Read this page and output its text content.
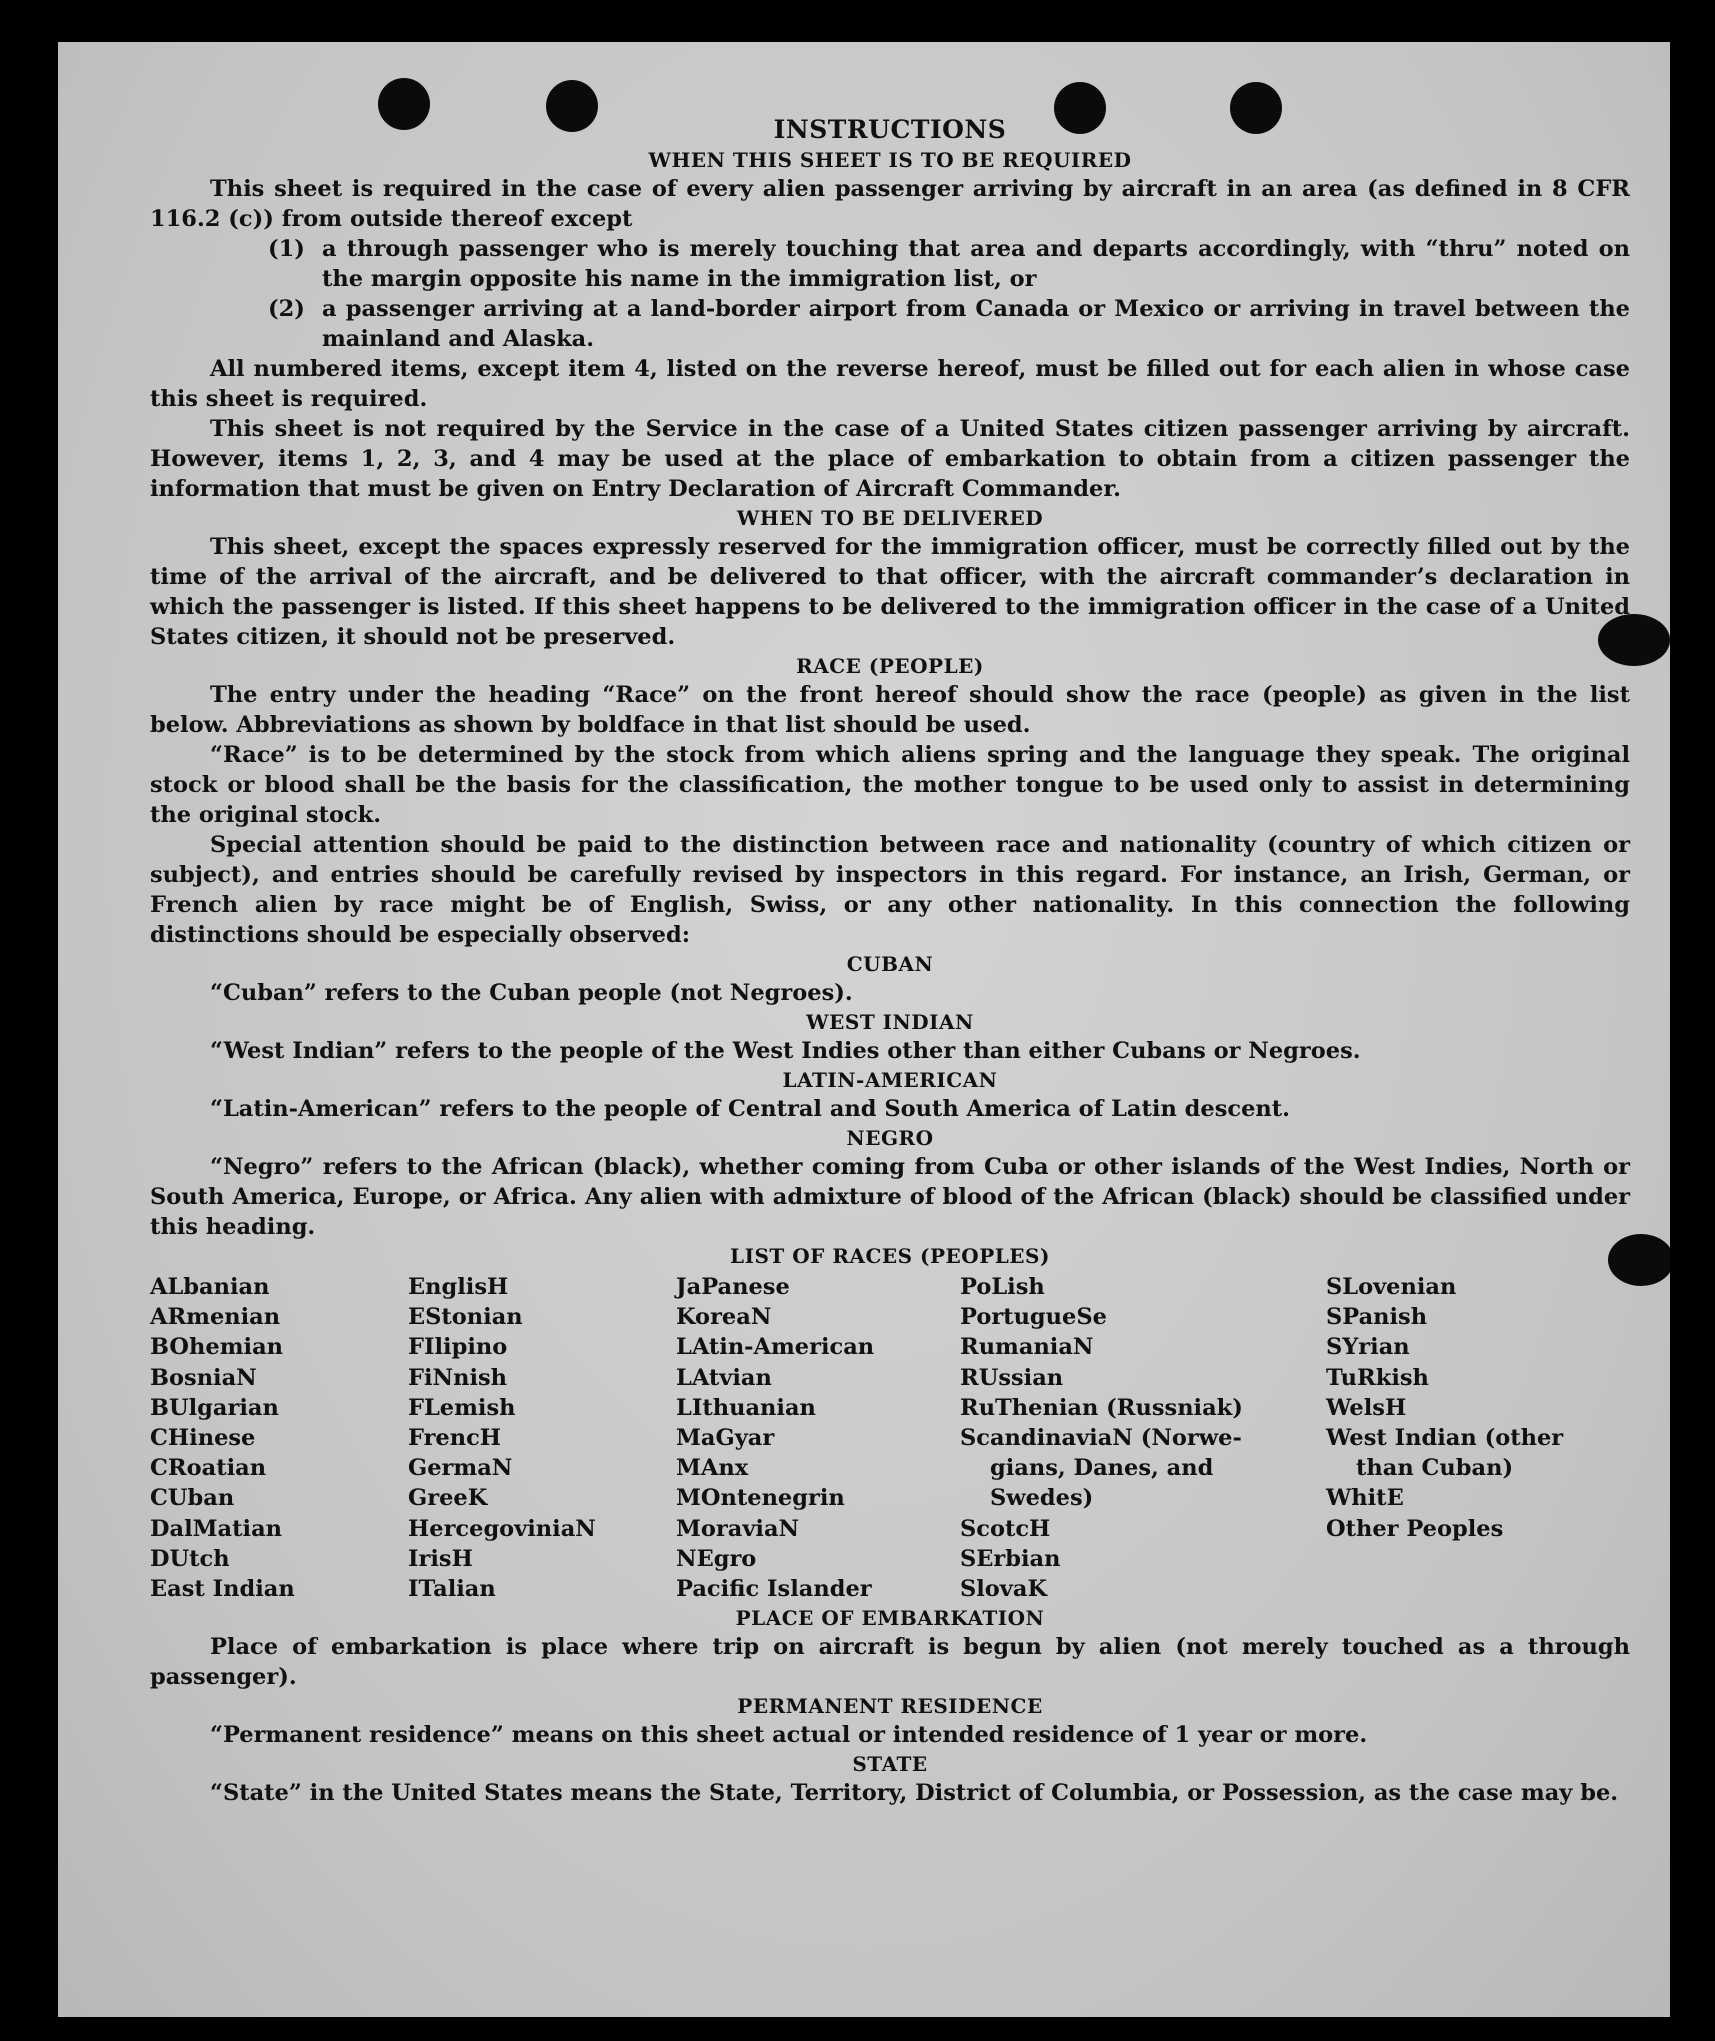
INSTRUCTIONS
WHEN THIS SHEET IS TO BE REQUIRED

This sheet is required in the case of every alien passenger arriving by aircraft in an area (as defined in 8 CFR 116.2 (c)) from outside thereof except

(1) a through passenger who is merely touching that area and departs accordingly, with “thru” noted on the margin opposite his name in the immigration list, or
(2) a passenger arriving at a land-border airport from Canada or Mexico or arriving in travel between the mainland and Alaska.

All numbered items, except item 4, listed on the reverse hereof, must be filled out for each alien in whose case this sheet is required.

This sheet is not required by the Service in the case of a United States citizen passenger arriving by aircraft. However, items 1, 2, 3, and 4 may be used at the place of embarkation to obtain from a citizen passenger the information that must be given on Entry Declaration of Aircraft Commander.

WHEN TO BE DELIVERED

This sheet, except the spaces expressly reserved for the immigration officer, must be correctly filled out by the time of the arrival of the aircraft, and be delivered to that officer, with the aircraft commander’s declaration in which the passenger is listed. If this sheet happens to be delivered to the immigration officer in the case of a United States citizen, it should not be preserved.

RACE (PEOPLE)

The entry under the heading “Race” on the front hereof should show the race (people) as given in the list below. Abbreviations as shown by boldface in that list should be used.

“Race” is to be determined by the stock from which aliens spring and the language they speak. The original stock or blood shall be the basis for the classification, the mother tongue to be used only to assist in determining the original stock.

Special attention should be paid to the distinction between race and nationality (country of which citizen or subject), and entries should be carefully revised by inspectors in this regard. For instance, an Irish, German, or French alien by race might be of English, Swiss, or any other nationality. In this connection the following distinctions should be especially observed:

CUBAN
“Cuban” refers to the Cuban people (not Negroes).
WEST INDIAN
“West Indian” refers to the people of the West Indies other than either Cubans or Negroes.
LATIN-AMERICAN
“Latin-American” refers to the people of Central and South America of Latin descent.
NEGRO

“Negro” refers to the African (black), whether coming from Cuba or other islands of the West Indies, North or South America, Europe, or Africa. Any alien with admixture of blood of the African (black) should be classified under this heading.

LIST OF RACES (PEOPLES)
ALbanian
ARmenian
BOhemian
BosniaN
BUlgarian
CHinese
CRoatian
CUban
DalMatian
DUtch
East Indian
EnglisH
EStonian
FIlipino
FiNnish
FLemish
FrencH
GermaN
GreeK
HercegoviniaN
IrisH
ITalian
JaPanese
KoreaN
LAtin-American
LAtvian
LIthuanian
MaGyar
MAnx
MOntenegrin
MoraviaN
NEgro
Pacific Islander
PoLish
PortugueSe
RumaniaN
RUssian
RuThenian (Russniak)
ScandinaviaN (Norwe-
gians, Danes, and
Swedes)
ScotcH
SErbian
SlovaK
SLovenian
SPanish
SYrian
TuRkish
WelsH
West Indian (other
than Cuban)
WhitE
Other Peoples
PLACE OF EMBARKATION

Place of embarkation is place where trip on aircraft is begun by alien (not merely touched as a through passenger).

PERMANENT RESIDENCE
“Permanent residence” means on this sheet actual or intended residence of 1 year or more.
STATE

“State” in the United States means the State, Territory, District of Columbia, or Possession, as the case may be.
